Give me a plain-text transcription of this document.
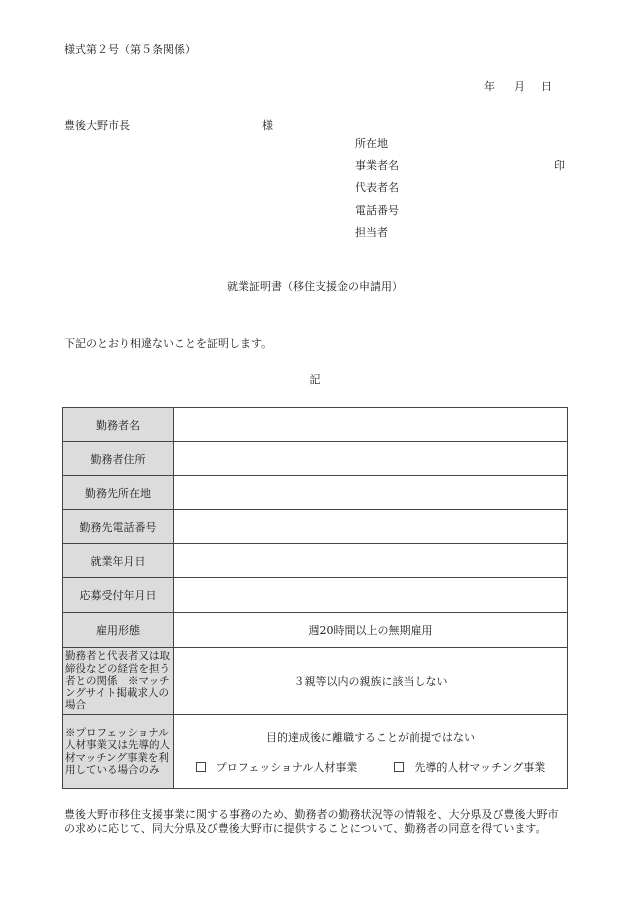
様式第２号（第５条関係）
年 月 日
豊後大野市長	様
所在地
事業者名	印
代表者名
電話番号
担当者
就業証明書（移住支援金の申請用）
下記のとおり相違ないことを証明します。
記
勤務者名	
勤務者住所	
勤務先所在地	
勤務先電話番号	
就業年月日	
応募受付年月日	
雇用形態	週20時間以上の無期雇用
勤務者と代表者又は取締役などの経営を担う者との関係　※マッチングサイト掲載求人の場合	３親等以内の親族に該当しない
※プロフェッショナル人材事業又は先導的人材マッチング事業を利用している場合のみ	目的達成後に離職することが前提ではない
プロフェッショナル人材事業 先導的人材マッチング事業
豊後大野市移住支援事業に関する事務のため、勤務者の勤務状況等の情報を、大分県及び豊後大野市の求めに応じて、同大分県及び豊後大野市に提供することについて、勤務者の同意を得ています。
